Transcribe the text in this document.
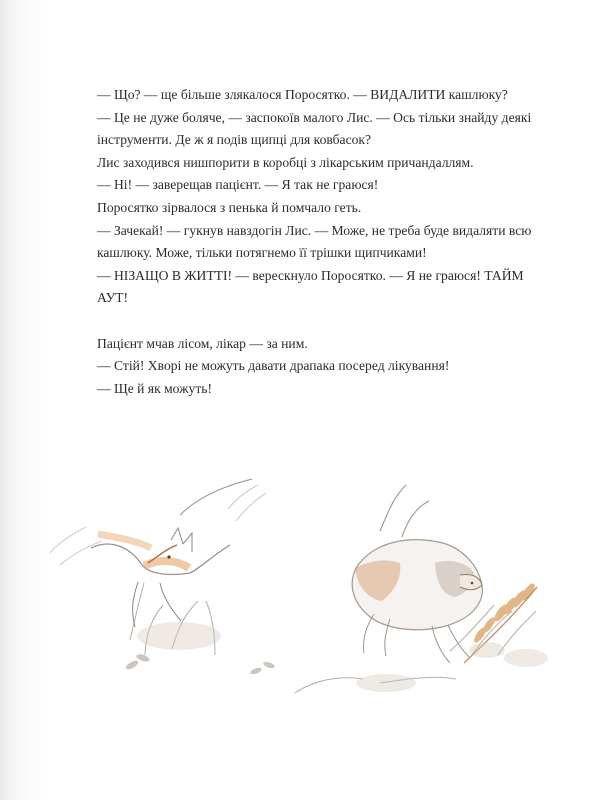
— Що? — ще більше злякалося Поросятко. — ВИДАЛИТИ кашлюку?

— Це не дуже боляче, — заспокоїв малого Лис. — Ось тільки знайду деякі інструменти. Де ж я подів щипці для ковбасок?

Лис заходився нишпорити в коробці з лікарським причандаллям.

— Ні! — заверещав пацієнт. — Я так не граюся!

Поросятко зірвалося з пенька й помчало геть.

— Зачекай! — гукнув навздогін Лис. — Може, не треба буде видаляти всю кашлюку. Може, тільки потягнемо її трішки щипчиками!

— НІЗАЩО В ЖИТТІ! — верескнуло Поросятко. — Я не граюся! ТАЙМ АУТ!

Пацієнт мчав лісом, лікар — за ним.

— Стій! Хворі не можуть давати драпака посеред лікування!

— Ще й як можуть!
